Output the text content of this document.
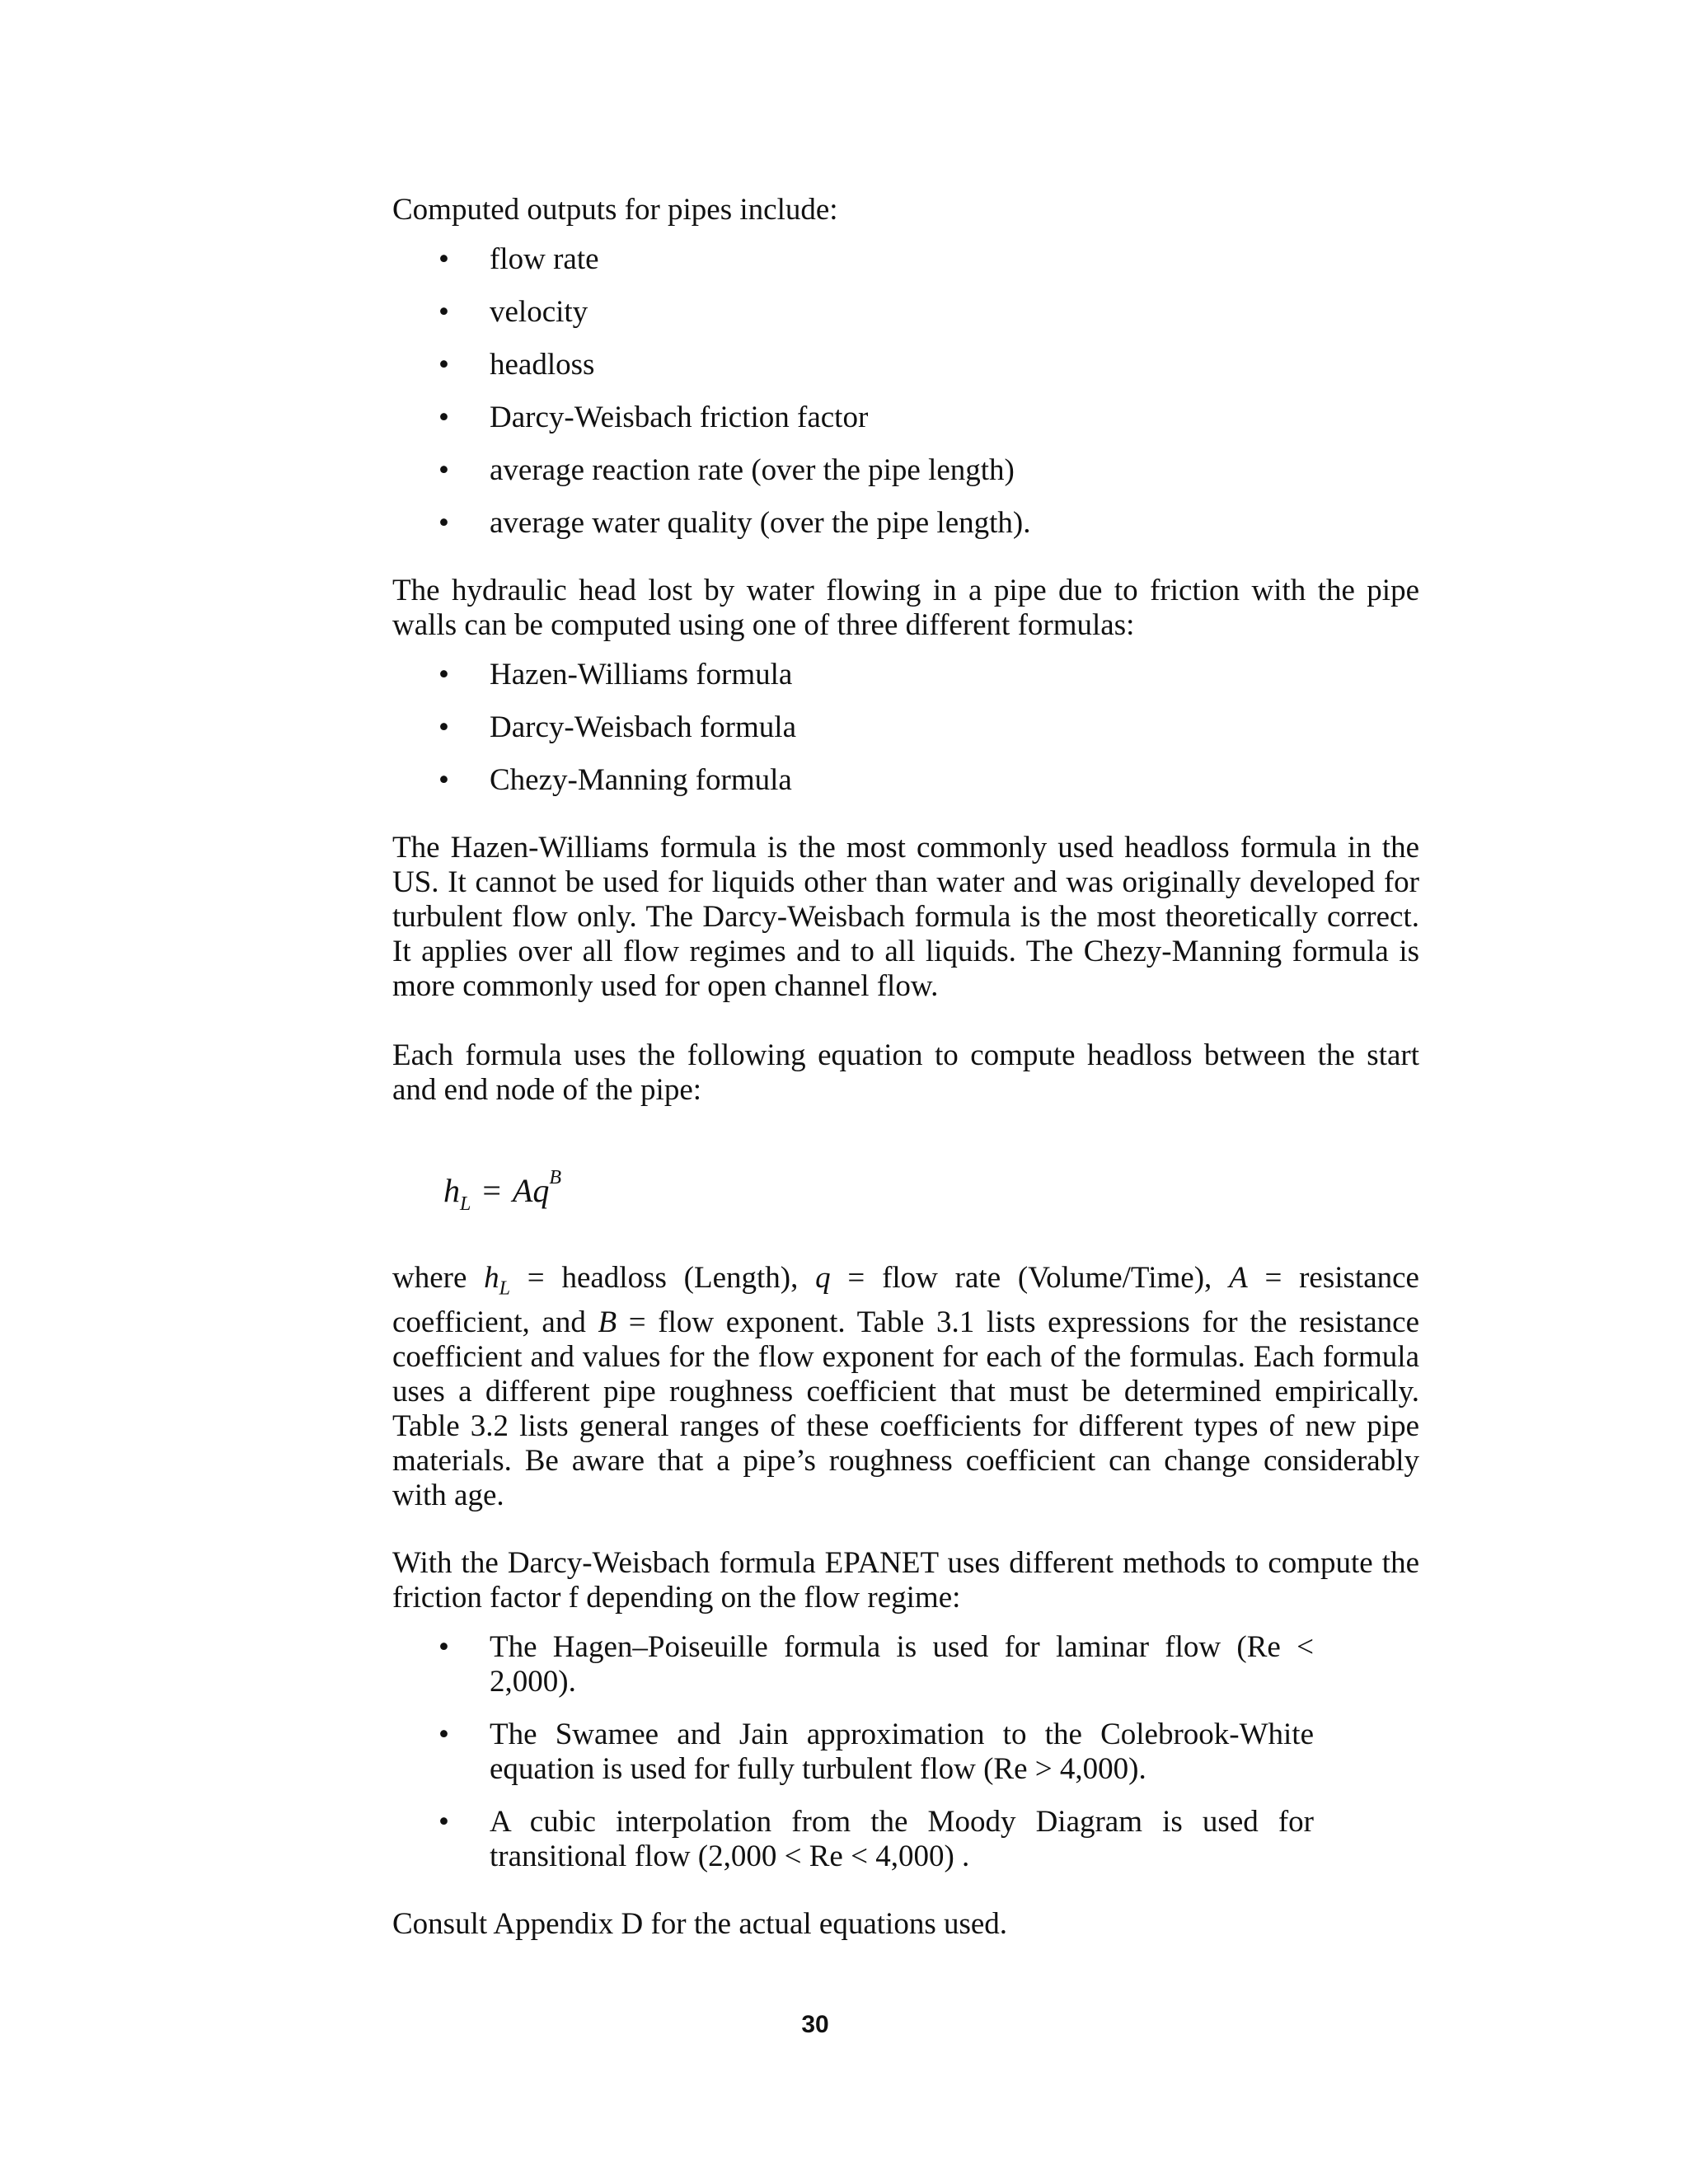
Computed outputs for pipes include:

• flow rate
• velocity
• headloss
• Darcy-Weisbach friction factor
• average reaction rate (over the pipe length)
• average water quality (over the pipe length).

The hydraulic head lost by water flowing in a pipe due to friction with the pipe walls can be computed using one of three different formulas:

• Hazen-Williams formula
• Darcy-Weisbach formula
• Chezy-Manning formula

The Hazen-Williams formula is the most commonly used headloss formula in the US. It cannot be used for liquids other than water and was originally developed for turbulent flow only. The Darcy-Weisbach formula is the most theoretically correct. It applies over all flow regimes and to all liquids. The Chezy-Manning formula is more commonly used for open channel flow.

Each formula uses the following equation to compute headloss between the start and end node of the pipe:

$h_L = Aq^B$

where $h_L$ = headloss (Length), q = flow rate (Volume/Time), A = resistance coefficient, and B = flow exponent. Table 3.1 lists expressions for the resistance coefficient and values for the flow exponent for each of the formulas. Each formula uses a different pipe roughness coefficient that must be determined empirically. Table 3.2 lists general ranges of these coefficients for different types of new pipe materials. Be aware that a pipe’s roughness coefficient can change considerably with age.

With the Darcy-Weisbach formula EPANET uses different methods to compute the friction factor f depending on the flow regime:

• The Hagen–Poiseuille formula is used for laminar flow (Re < 2,000).
• The Swamee and Jain approximation to the Colebrook-White equation is used for fully turbulent flow (Re > 4,000).
• A cubic interpolation from the Moody Diagram is used for transitional flow (2,000 < Re < 4,000) .

Consult Appendix D for the actual equations used.

30
